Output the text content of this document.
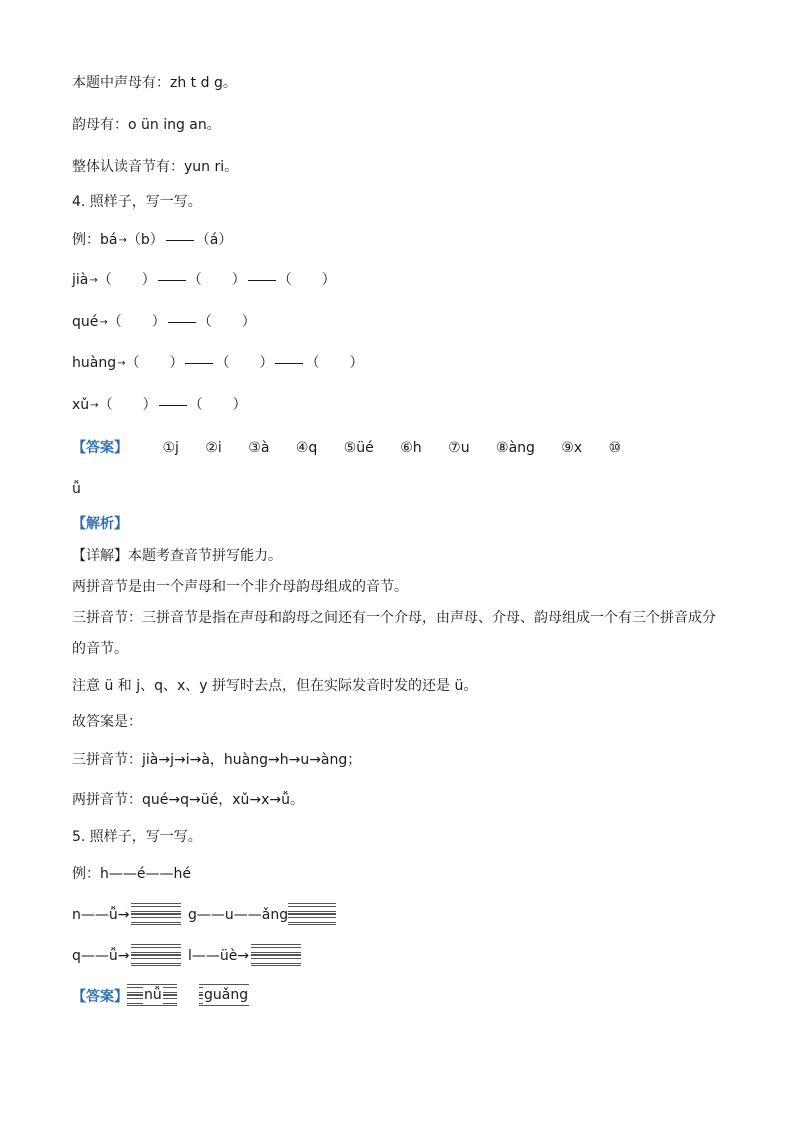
本题中声母有：zh t d g。
韵母有：o ün ing an。
整体认读音节有：yun ri。
4. 照样子，写一写。
例：bá→ （b） （á）
jià→ （ ） （ ） （ ）
qué→ （ ） （ ）
huàng→ （ ） （ ） （ ）
xǔ→ （ ） （ ）
【答案】 ①j ②i ③à ④q ⑤üé ⑥h ⑦u ⑧àng ⑨x ⑩
ǚ
【解析】
【详解】本题考查音节拼写能力。
两拼音节是由一个声母和一个非介母韵母组成的音节。
三拼音节：三拼音节是指在声母和韵母之间还有一个介母，由声母、介母、韵母组成一个有三个拼音成分
的音节。
注意 ü 和 j、q、x、y 拼写时去点，但在实际发音时发的还是 ü。
故答案是：
三拼音节：jià→j→i→à，huàng→h→u→àng；
两拼音节：qué→q→üé，xǔ→x→ǚ。
5. 照样子，写一写。
例：h——é——hé
n——ǚ→	g——u——ǎng
q——ǚ→	l——üè→
【答案】 nǚ	guǎng
